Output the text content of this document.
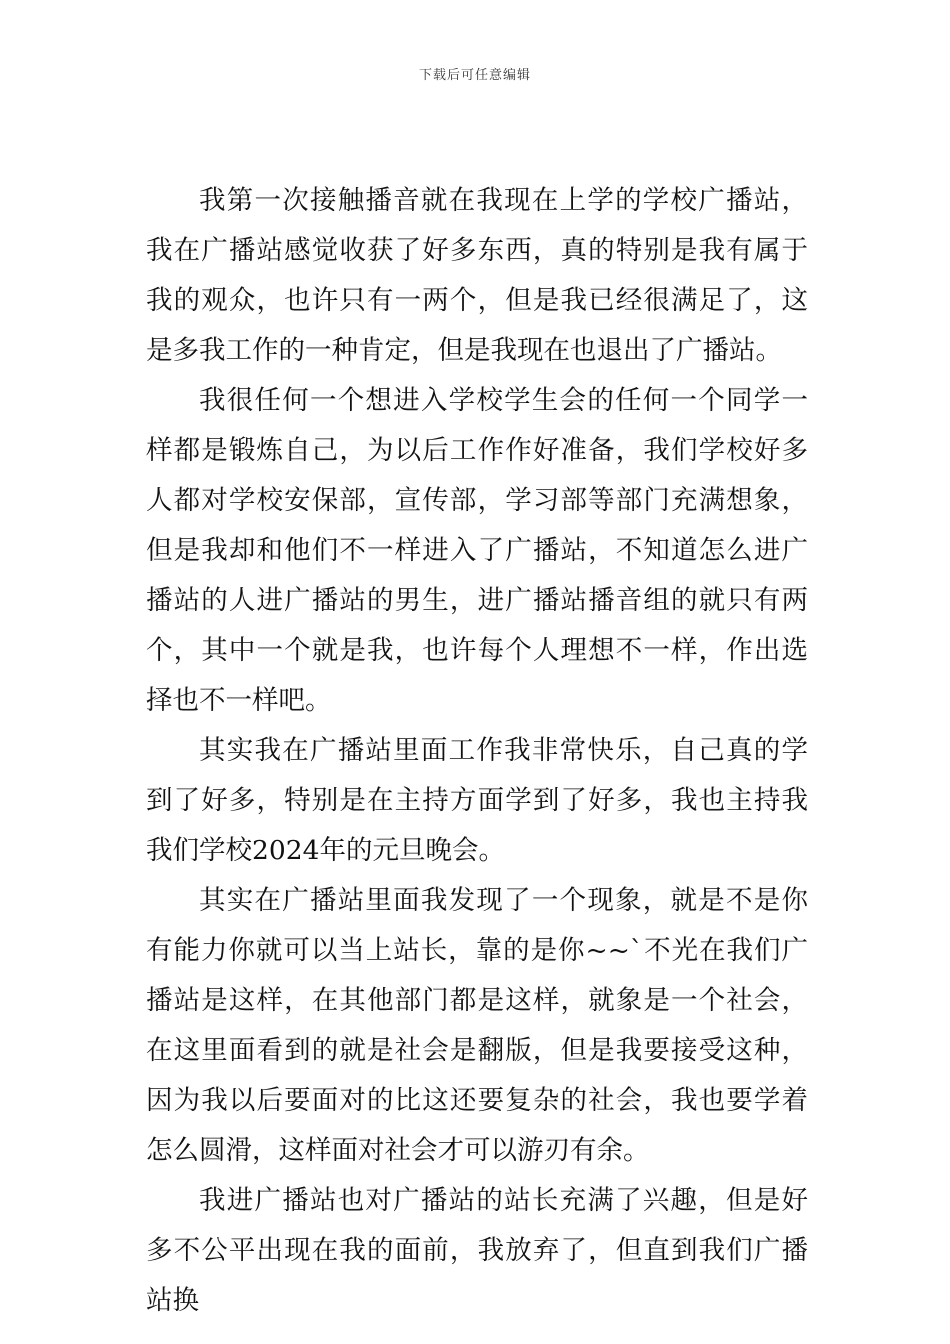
下载后可任意编辑

我第一次接触播音就在我现在上学的学校广播站，我在广播站感觉收获了好多东西，真的特别是我有属于我的观众，也许只有一两个，但是我已经很满足了，这是多我工作的一种肯定，但是我现在也退出了广播站。

我很任何一个想进入学校学生会的任何一个同学一样都是锻炼自己，为以后工作作好准备，我们学校好多人都对学校安保部，宣传部，学习部等部门充满想象，但是我却和他们不一样进入了广播站，不知道怎么进广播站的人进广播站的男生，进广播站播音组的就只有两个，其中一个就是我，也许每个人理想不一样，作出选择也不一样吧。

其实我在广播站里面工作我非常快乐，自己真的学到了好多，特别是在主持方面学到了好多，我也主持我我们学校2024年的元旦晚会。

其实在广播站里面我发现了一个现象，就是不是你有能力你就可以当上站长，靠的是你~~`不光在我们广播站是这样，在其他部门都是这样，就象是一个社会，在这里面看到的就是社会是翻版，但是我要接受这种，因为我以后要面对的比这还要复杂的社会，我也要学着怎么圆滑，这样面对社会才可以游刃有余。

我进广播站也对广播站的站长充满了兴趣，但是好多不公平出现在我的面前，我放弃了，但直到我们广播站换
